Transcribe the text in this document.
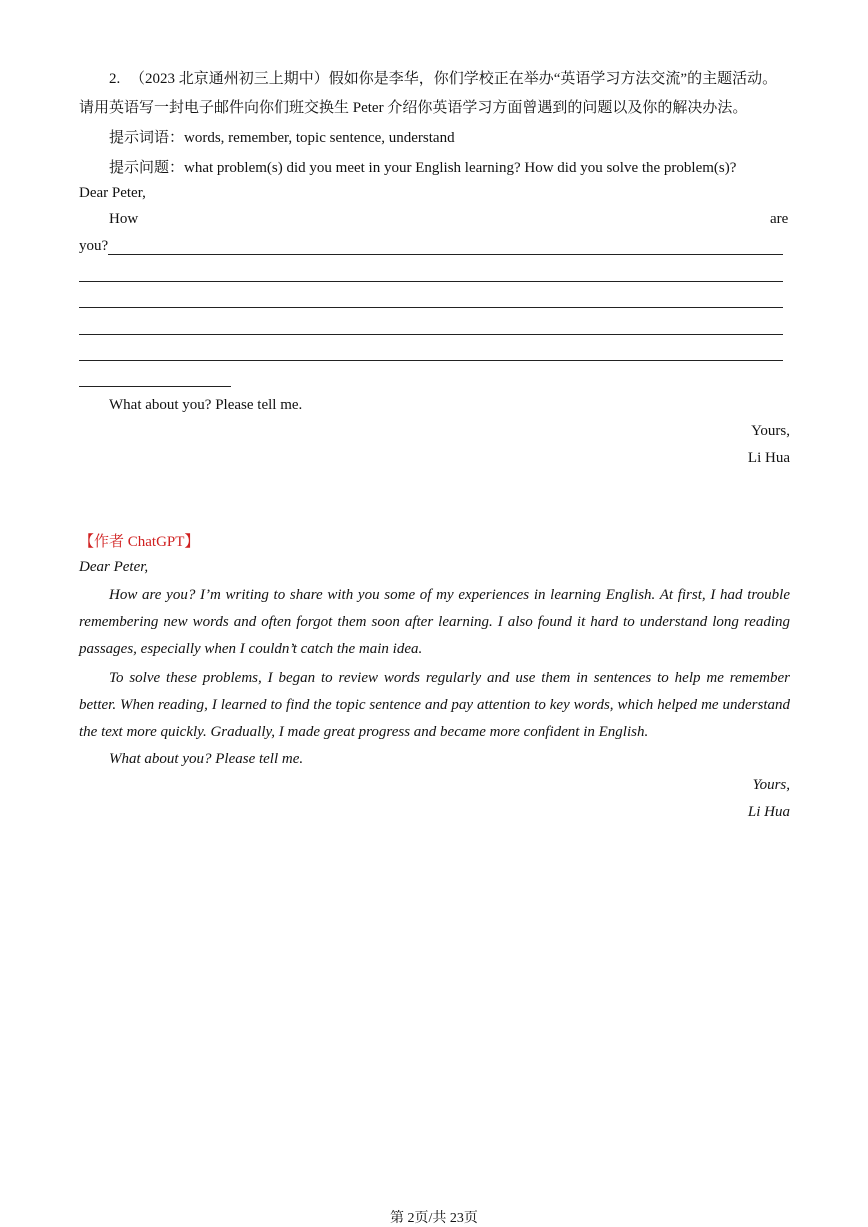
2. （2023 北京通州初三上期中）假如你是李华，你们学校正在举办“英语学习方法交流”的主题活动。
请用英语写一封电子邮件向你们班交换生 Peter 介绍你英语学习方面曾遇到的问题以及你的解决办法。
提示词语：words, remember, topic sentence, understand
提示问题：what problem(s) did you meet in your English learning? How did you solve the problem(s)?
Dear Peter,
How	are
you?
What about you? Please tell me.
Yours,
Li Hua
【作者 ChatGPT】
Dear Peter,

How are you? I’m writing to share with you some of my experiences in learning English. At first, I had trouble remembering new words and often forgot them soon after learning. I also found it hard to understand long reading passages, especially when I couldn’t catch the main idea.

To solve these problems, I began to review words regularly and use them in sentences to help me remember better. When reading, I learned to find the topic sentence and pay attention to key words, which helped me understand the text more quickly. Gradually, I made great progress and became more confident in English.

What about you? Please tell me.
Yours,
Li Hua
第 2页/共 23页
